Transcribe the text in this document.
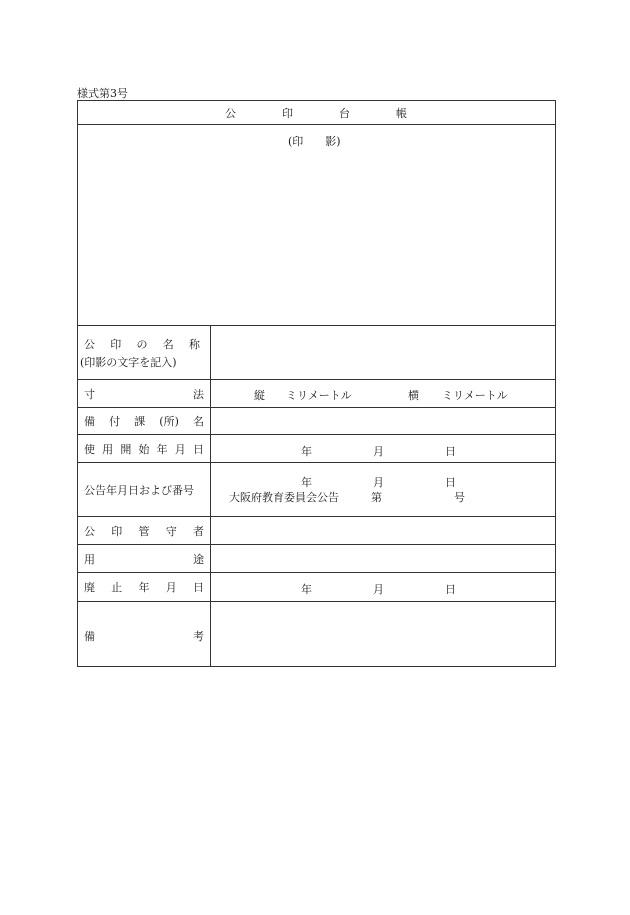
様式第3号
公	印	台	帳
(印　　影)
公 印 の 名 称
(印影の文字を記入)
寸	法	縦 ミリメートル	横 ミリメートル
備 付 課 (所) 名
使 用 開 始 年 月 日	年	月	日
公告年月日および番号
年	月	日
大阪府教育委員会公告	第	号
公 印 管 守 者
用	途
廃 止 年 月 日	年	月	日
備	考
